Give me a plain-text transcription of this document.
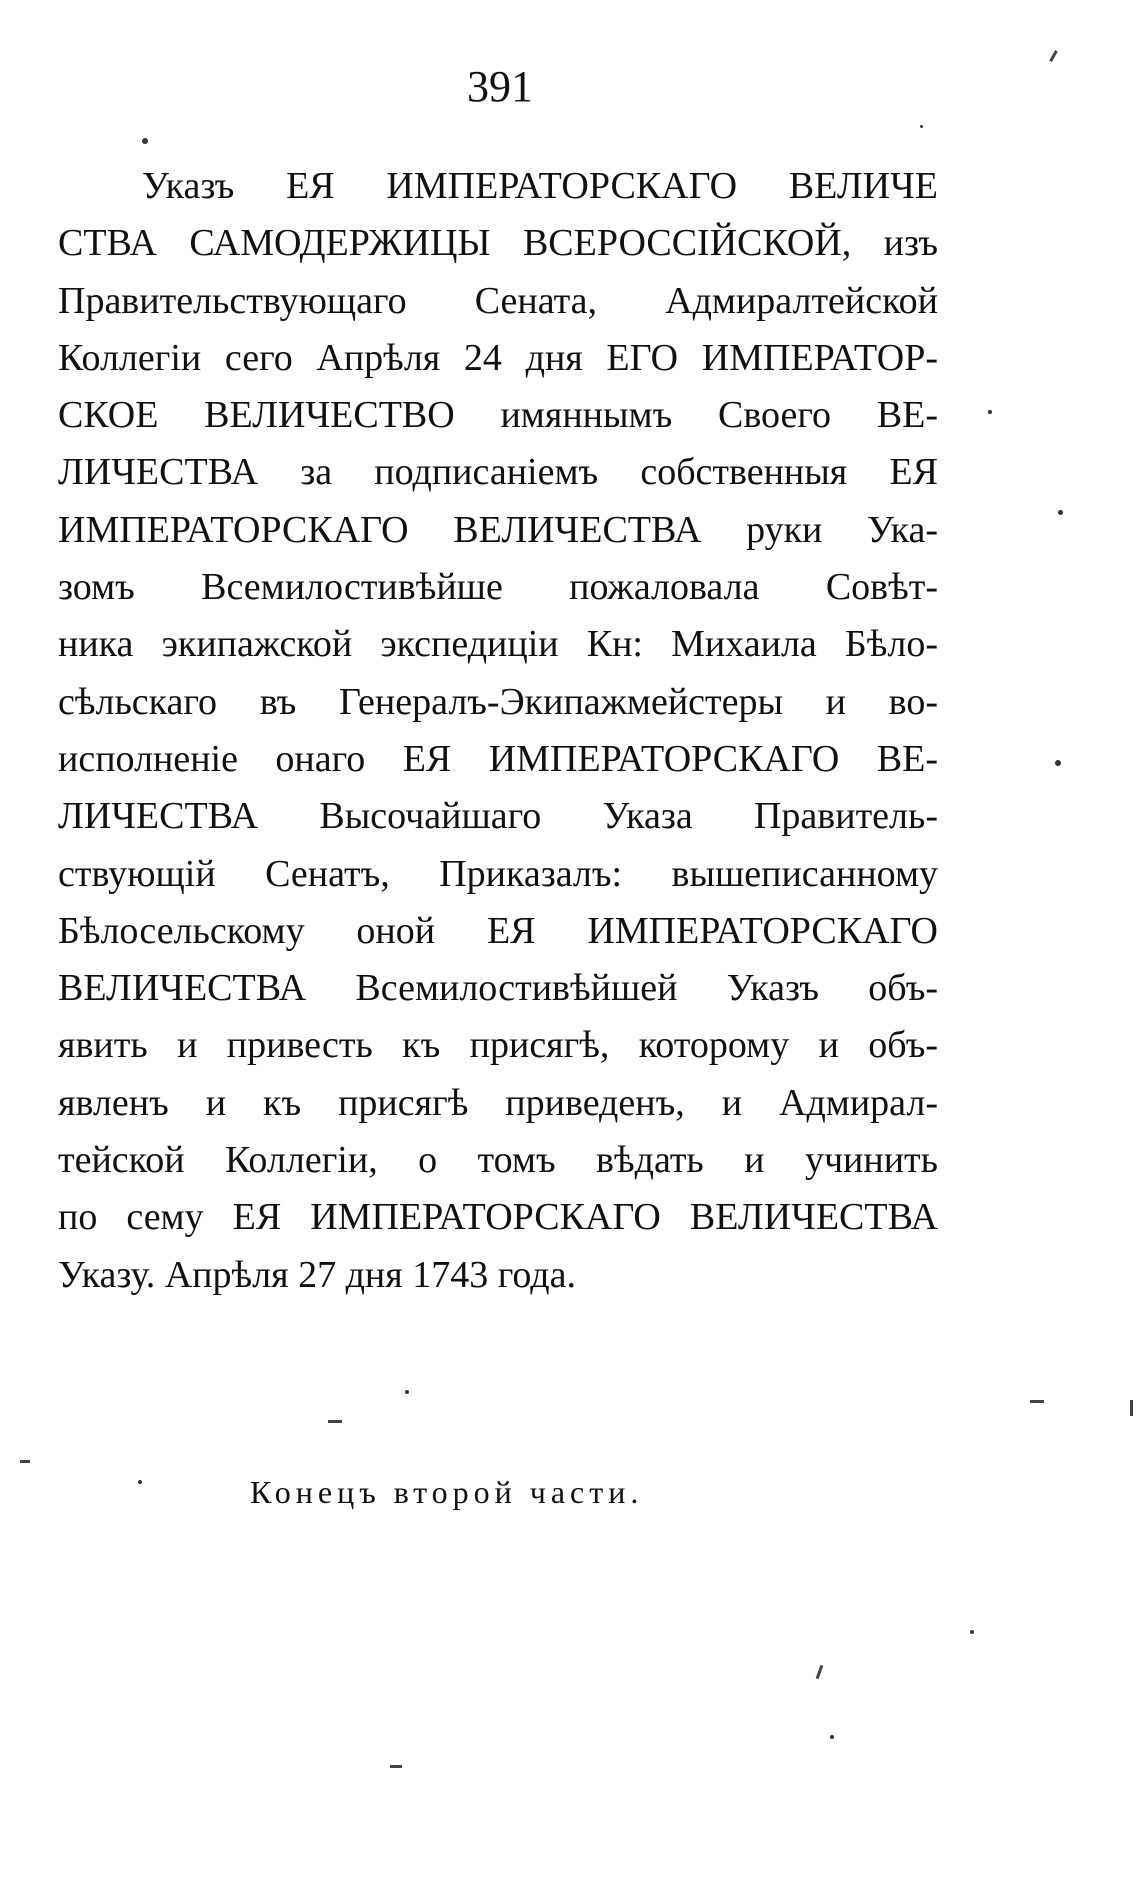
391
Указъ ЕЯ ИМПЕРАТОРСКАГО ВЕЛИЧЕ
СТВА САМОДЕРЖИЦЫ ВСЕРОССІЙСКОЙ, изъ
Правительствующаго Сената, Адмиралтейской
Коллегіи сего Апрѣля 24 дня ЕГО ИМПЕРАТОР-
СКОЕ ВЕЛИЧЕСТВО имяннымъ Своего ВЕ-
ЛИЧЕСТВА за подписаніемъ собственныя ЕЯ
ИМПЕРАТОРСКАГО ВЕЛИЧЕСТВА руки Ука-
зомъ Всемилостивѣйше пожаловала Совѣт-
ника экипажской экспедиціи Кн: Михаила Бѣло-
сѣльскаго въ Генералъ-Экипажмейстеры и во-
исполненіе онаго ЕЯ ИМПЕРАТОРСКАГО ВЕ-
ЛИЧЕСТВА Высочайшаго Указа Правитель-
ствующій Сенатъ, Приказалъ: вышеписанному
Бѣлосельскому оной ЕЯ ИМПЕРАТОРСКАГО
ВЕЛИЧЕСТВА Всемилостивѣйшей Указъ объ-
явить и привесть къ присягѣ, которому и объ-
явленъ и къ присягѣ приведенъ, и Адмирал-
тейской Коллегіи, о томъ вѣдать и учинить
по сему ЕЯ ИМПЕРАТОРСКАГО ВЕЛИЧЕСТВА
Указу. Апрѣля 27 дня 1743 года.
Конецъ второй части.
